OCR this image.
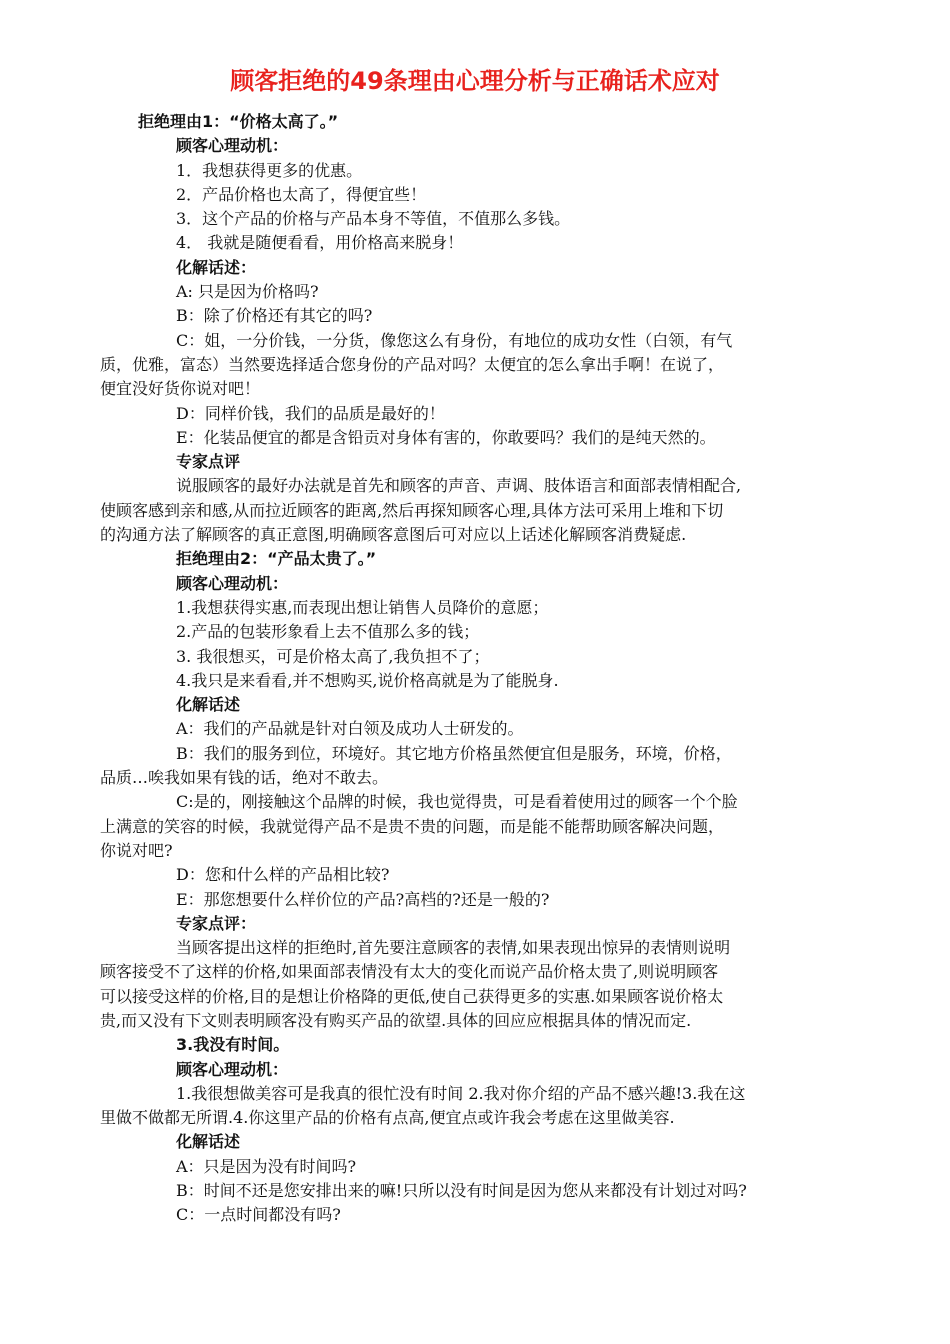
顾客拒绝的49条理由心理分析与正确话术应对

拒绝理由1：“价格太高了。”

顾客心理动机：

1．我想获得更多的优惠。

2．产品价格也太高了，得便宜些！

3．这个产品的价格与产品本身不等值，不值那么多钱。

4． 我就是随便看看，用价格高来脱身！

化解话述：

A: 只是因为价格吗?

B：除了价格还有其它的吗?

C：姐，一分价钱，一分货，像您这么有身份，有地位的成功女性（白领，有气

质，优雅，富态）当然要选择适合您身份的产品对吗？太便宜的怎么拿出手啊！在说了，

便宜没好货你说对吧！

D：同样价钱，我们的品质是最好的！

E：化装品便宜的都是含铅贡对身体有害的，你敢要吗？我们的是纯天然的。

专家点评

说服顾客的最好办法就是首先和顾客的声音、声调、肢体语言和面部表情相配合,

使顾客感到亲和感,从而拉近顾客的距离,然后再探知顾客心理,具体方法可采用上堆和下切

的沟通方法了解顾客的真正意图,明确顾客意图后可对应以上话述化解顾客消费疑虑.

拒绝理由2：“产品太贵了。”

顾客心理动机：

1.我想获得实惠,而表现出想让销售人员降价的意愿；

2.产品的包装形象看上去不值那么多的钱；

3. 我很想买，可是价格太高了,我负担不了；

4.我只是来看看,并不想购买,说价格高就是为了能脱身.

化解话述

A：我们的产品就是针对白领及成功人士研发的。

B：我们的服务到位，环境好。其它地方价格虽然便宜但是服务，环境，价格，

品质…唉我如果有钱的话，绝对不敢去。

C:是的，刚接触这个品牌的时候，我也觉得贵，可是看着使用过的顾客一个个脸

上满意的笑容的时候，我就觉得产品不是贵不贵的问题，而是能不能帮助顾客解决问题，

你说对吧?

D：您和什么样的产品相比较?

E：那您想要什么样价位的产品?高档的?还是一般的?

专家点评：

当顾客提出这样的拒绝时,首先要注意顾客的表情,如果表现出惊异的表情则说明

顾客接受不了这样的价格,如果面部表情没有太大的变化而说产品价格太贵了,则说明顾客

可以接受这样的价格,目的是想让价格降的更低,使自己获得更多的实惠.如果顾客说价格太

贵,而又没有下文则表明顾客没有购买产品的欲望.具体的回应应根据具体的情况而定.

3.我没有时间。

顾客心理动机：

1.我很想做美容可是我真的很忙没有时间 2.我对你介绍的产品不感兴趣!3.我在这

里做不做都无所谓.4.你这里产品的价格有点高,便宜点或许我会考虑在这里做美容.

化解话述

A：只是因为没有时间吗?

B：时间不还是您安排出来的嘛!只所以没有时间是因为您从来都没有计划过对吗?

C：一点时间都没有吗?
